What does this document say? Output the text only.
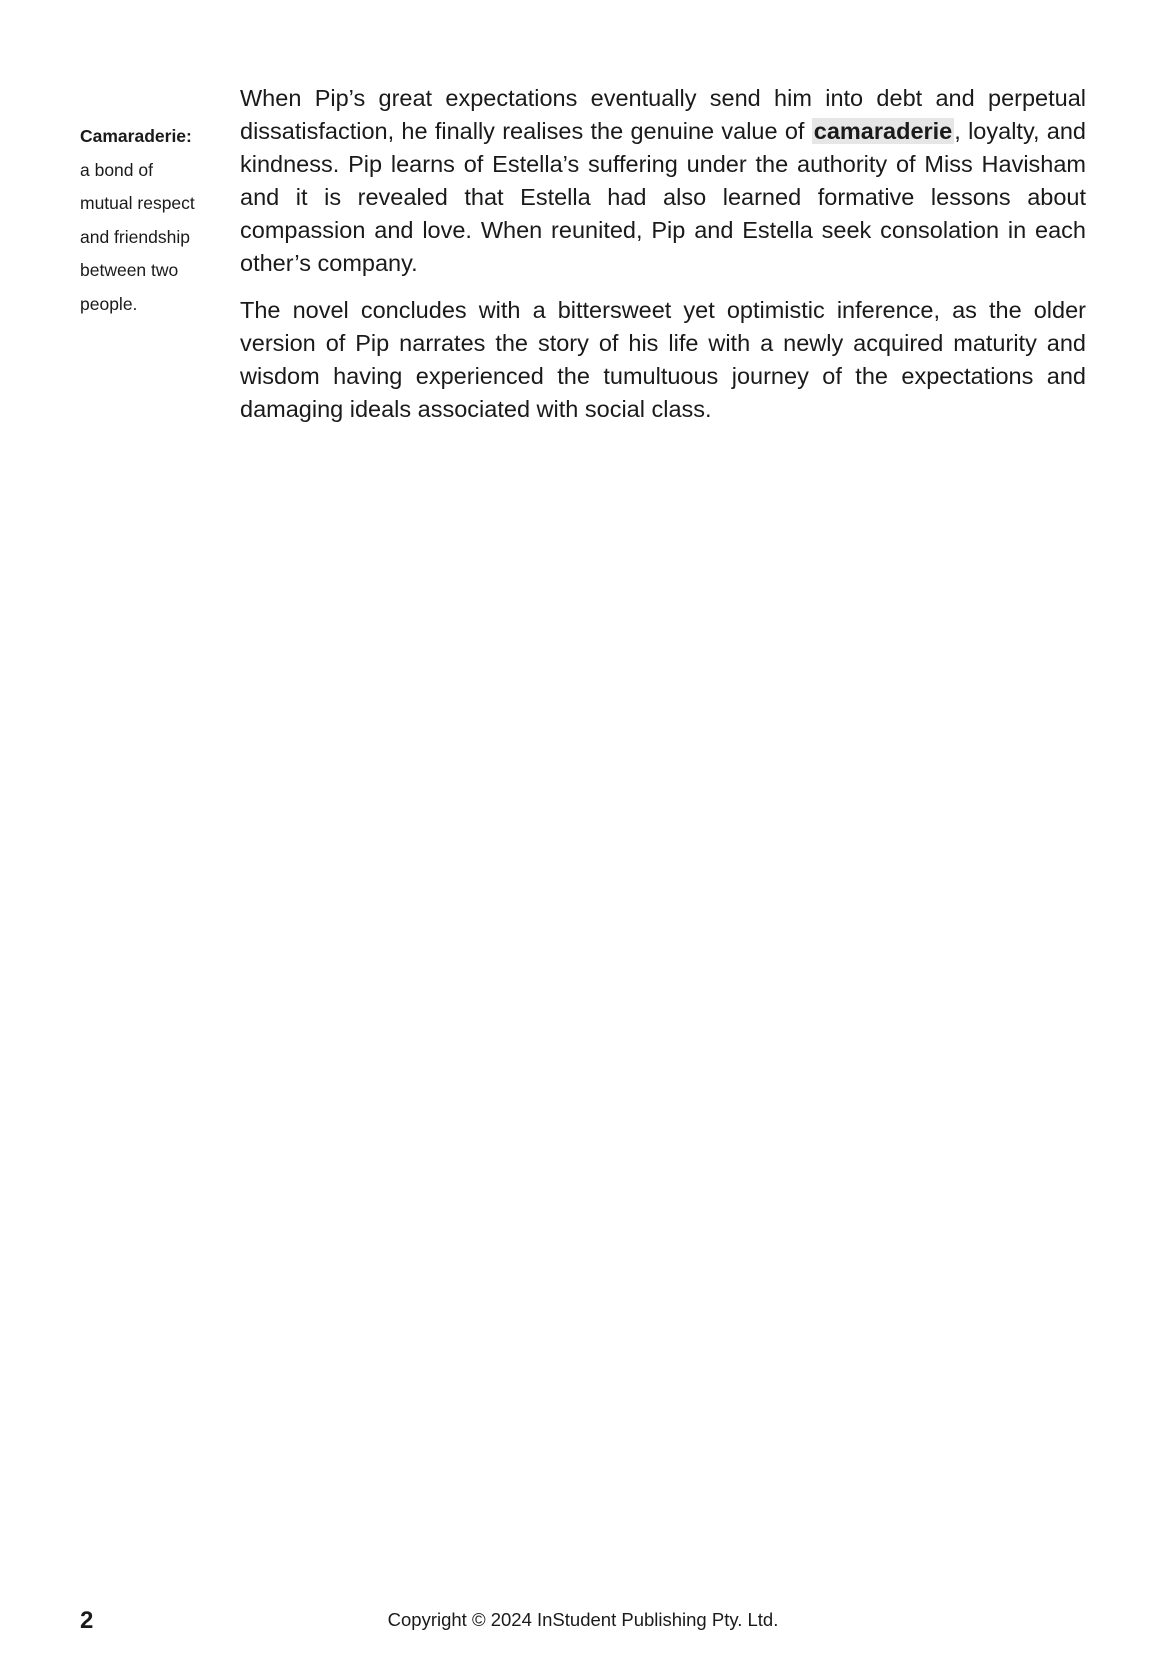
Camaraderie:
a bond of
mutual respect
and friendship
between two
people.

When Pip’s great expectations eventually send him into debt and perpetual dissatisfaction, he finally realises the genuine value of camaraderie, loyalty, and kindness. Pip learns of Estella’s suffering under the authority of Miss Havisham and it is revealed that Estella had also learned formative lessons about compassion and love. When reunited, Pip and Estella seek consolation in each other’s company.

The novel concludes with a bittersweet yet optimistic inference, as the older version of Pip narrates the story of his life with a newly acquired maturity and wisdom having experienced the tumultuous journey of the expectations and damaging ideals associated with social class.

2	Copyright © 2024 InStudent Publishing Pty. Ltd.
